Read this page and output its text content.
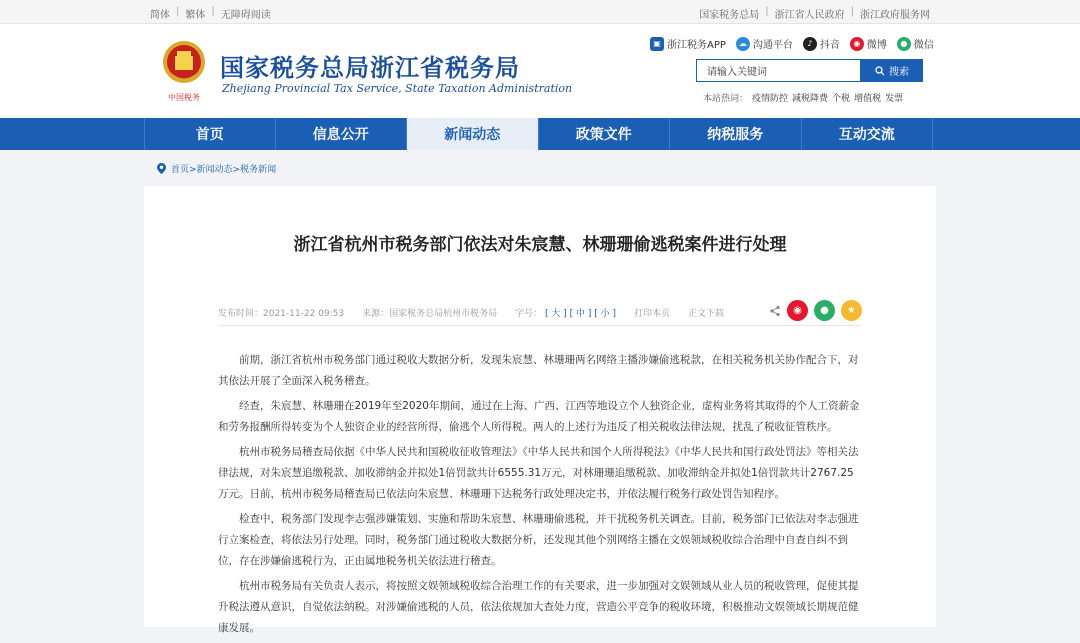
简体 | 繁体 | 无障碍阅读	国家税务总局 | 浙江省人民政府 | 浙江政府服务网
中国税务
国家税务总局浙江省税务局
Zhejiang Provincial Tax Service, State Taxation Administration
▣ 浙江税务APP	☁ 沟通平台	♪ 抖音	◉ 微博	● 微信
请输入关键词
搜索
本站热词： 疫情防控 减税降费 个税 增值税 发票
首页	信息公开	新闻动态	政策文件	纳税服务	互动交流
首页>新闻动态>税务新闻
浙江省杭州市税务部门依法对朱宸慧、林珊珊偷逃税案件进行处理
发布时间：2021-11-22 09:53 来源：国家税务总局杭州市税务局 字号： [ 大 ] [ 中 ] [ 小 ] 打印本页 正文下载	◉	●	★

前期，浙江省杭州市税务部门通过税收大数据分析，发现朱宸慧、林珊珊两名网络主播涉嫌偷逃税款，在相关税务机关协作配合下，对其依法开展了全面深入税务稽查。

经查，朱宸慧、林珊珊在2019年至2020年期间，通过在上海、广西、江西等地设立个人独资企业，虚构业务将其取得的个人工资薪金和劳务报酬所得转变为个人独资企业的经营所得，偷逃个人所得税。两人的上述行为违反了相关税收法律法规，扰乱了税收征管秩序。

杭州市税务局稽查局依据《中华人民共和国税收征收管理法》《中华人民共和国个人所得税法》《中华人民共和国行政处罚法》等相关法律法规，对朱宸慧追缴税款、加收滞纳金并拟处1倍罚款共计6555.31万元，对林珊珊追缴税款、加收滞纳金并拟处1倍罚款共计2767.25万元。日前，杭州市税务局稽查局已依法向朱宸慧、林珊珊下达税务行政处理决定书，并依法履行税务行政处罚告知程序。

检查中，税务部门发现李志强涉嫌策划、实施和帮助朱宸慧、林珊珊偷逃税，并干扰税务机关调查。目前，税务部门已依法对李志强进行立案检查，将依法另行处理。同时，税务部门通过税收大数据分析，还发现其他个别网络主播在文娱领域税收综合治理中自查自纠不到位，存在涉嫌偷逃税行为，正由属地税务机关依法进行稽查。

杭州市税务局有关负责人表示，将按照文娱领域税收综合治理工作的有关要求，进一步加强对文娱领域从业人员的税收管理，促使其提升税法遵从意识，自觉依法纳税。对涉嫌偷逃税的人员，依法依规加大查处力度，营造公平竞争的税收环境，积极推动文娱领域长期规范健康发展。
